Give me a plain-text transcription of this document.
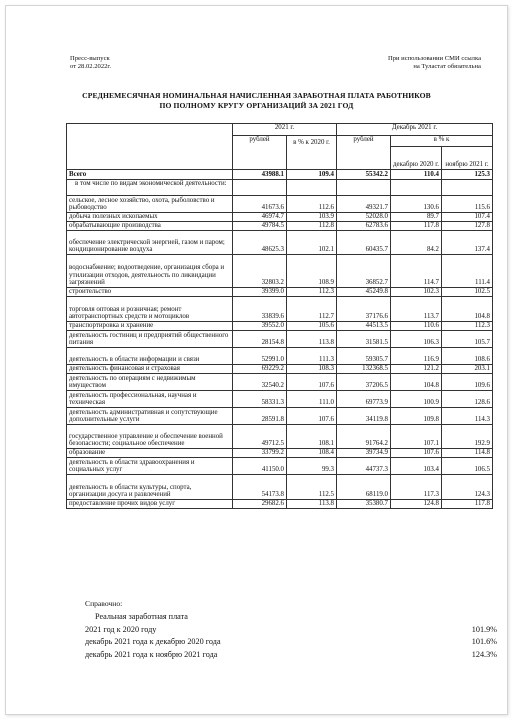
Пресс-выпуск
от 28.02.2022г.
При использовании СМИ ссылка
на Туластат обязательна
СРЕДНЕМЕСЯЧНАЯ НОМИНАЛЬНАЯ НАЧИСЛЕННАЯ ЗАРАБОТНАЯ ПЛАТА РАБОТНИКОВ
ПО ПОЛНОМУ КРУГУ ОРГАНИЗАЦИЙ ЗА 2021 ГОД
	2021 г.		Декабрь 2021 г.		
	рублей	в % к 2020 г.	рублей	в % к	
				декабрю 2020 г.	ноябрю 2021 г.
Всего	43988.1	109.4	55342.2	110.4	125.3
в том числе по видам экономической деятельности:					
сельское, лесное хозяйство, охота, рыболовство и рыбоводство	41673.6	112.6	49321.7	130.6	115.6
добыча полезных ископаемых	46974.7	103.9	52028.0	89.7	107.4
обрабатывающие производства	49784.5	112.8	62783.6	117.8	127.8
обеспечение электрической энергией, газом и паром; кондиционирование воздуха	48625.3	102.1	60435.7	84.2	137.4
водоснабжение; водоотведение, организация сбора и утилизации отходов, деятельность по ликвидации загрязнений	32803.2	108.9	36852.7	114.7	111.4
строительство	39399.0	112.3	45249.8	102.3	102.5
торговля оптовая и розничная; ремонт автотранспортных средств и мотоциклов	33839.6	112.7	37176.6	113.7	104.8
транспортировка и хранение	39552.0	105.6	44513.5	110.6	112.3
деятельность гостиниц и предприятий общественного питания	28154.8	113.8	31581.5	106.3	105.7
деятельность в области информации и связи	52991.0	111.3	59305.7	116.9	108.6
деятельность финансовая и страховая	69229.2	108.3	132368.5	121.2	203.1
деятельность по операциям с недвижимым имуществом	32540.2	107.6	37206.5	104.8	109.6
деятельность профессиональная, научная и техническая	58331.3	111.0	69773.9	100.9	128.6
деятельность административная и сопутствующие дополнительные услуги	28591.8	107.6	34119.8	109.8	114.3
государственное управление и обеспечение военной безопасности; социальное обеспечение	49712.5	108.1	91764.2	107.1	192.9
образование	33799.2	108.4	39734.9	107.6	114.8
деятельность в области здравоохранения и социальных услуг	41150.0	99.3	44737.3	103.4	106.5
деятельность в области культуры, спорта, организации досуга и развлечений	54173.8	112.5	68119.0	117.3	124.3
предоставление прочих видов услуг	29682.6	113.8	35380.7	124.8	117.8
Справочно:
Реальная заработная плата
2021 год к 2020 году	101.9%
декабрь 2021 года к декабрю 2020 года	101.6%
декабрь 2021 года к ноябрю 2021 года	124.3%
